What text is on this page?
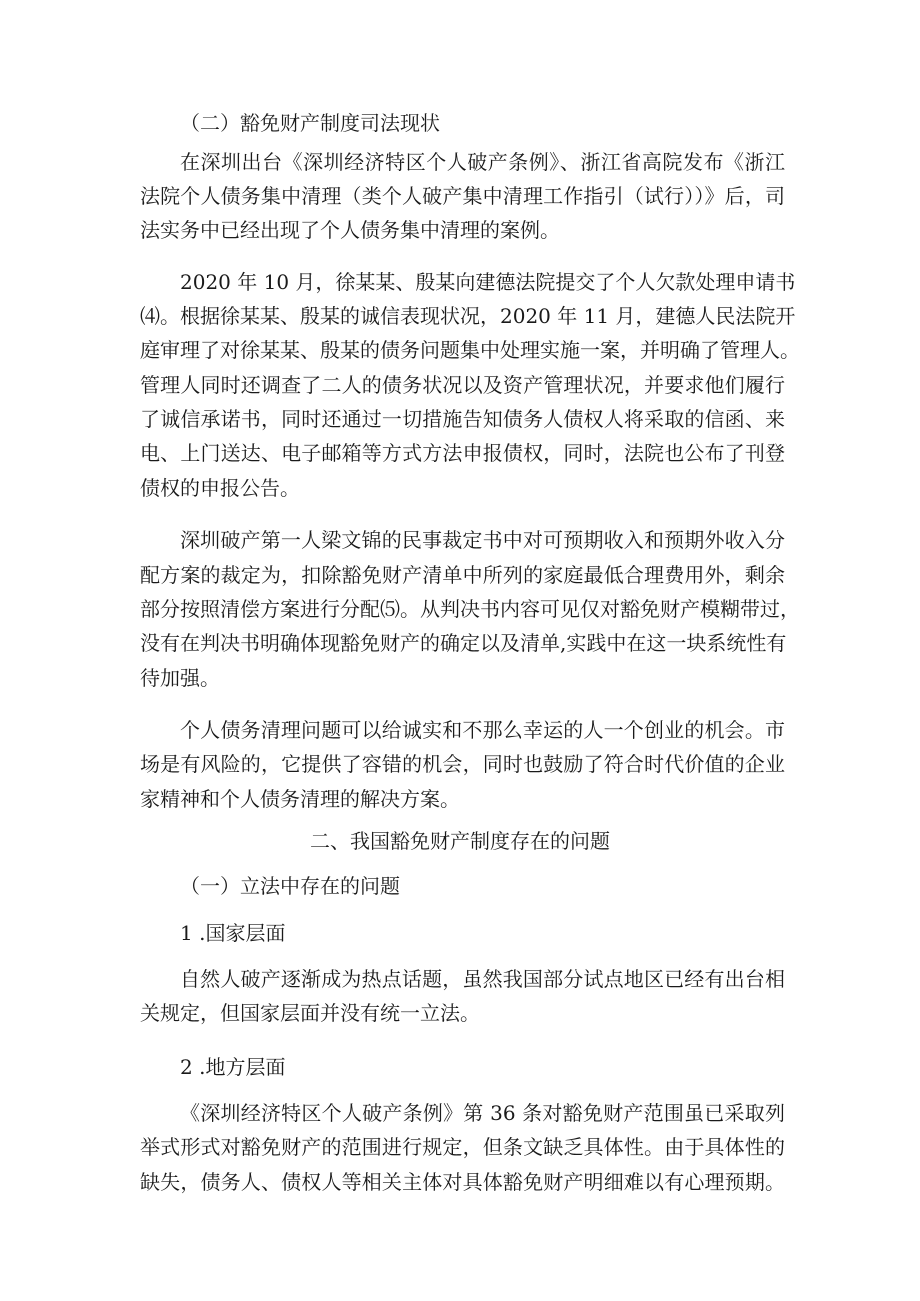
（二）豁免财产制度司法现状
在深圳出台《深圳经济特区个人破产条例》、浙江省高院发布《浙江
法院个人债务集中清理（类个人破产集中清理工作指引（试行））》后，司
法实务中已经出现了个人债务集中清理的案例。
2020 年 10 月，徐某某、殷某向建德法院提交了个人欠款处理申请书
⑷。根据徐某某、殷某的诚信表现状况，2020 年 11 月，建德人民法院开
庭审理了对徐某某、殷某的债务问题集中处理实施一案，并明确了管理人。
管理人同时还调查了二人的债务状况以及资产管理状况，并要求他们履行
了诚信承诺书，同时还通过一切措施告知债务人债权人将采取的信函、来
电、上门送达、电子邮箱等方式方法申报债权，同时，法院也公布了刊登
债权的申报公告。
深圳破产第一人梁文锦的民事裁定书中对可预期收入和预期外收入分
配方案的裁定为，扣除豁免财产清单中所列的家庭最低合理费用外，剩余
部分按照清偿方案进行分配⑸。从判决书内容可见仅对豁免财产模糊带过，
没有在判决书明确体现豁免财产的确定以及清单,实践中在这一块系统性有
待加强。
个人债务清理问题可以给诚实和不那么幸运的人一个创业的机会。市
场是有风险的，它提供了容错的机会，同时也鼓励了符合时代价值的企业
家精神和个人债务清理的解决方案。
二、我国豁免财产制度存在的问题
（一）立法中存在的问题
1 .国家层面
自然人破产逐渐成为热点话题，虽然我国部分试点地区已经有出台相
关规定，但国家层面并没有统一立法。
2 .地方层面
《深圳经济特区个人破产条例》第 36 条对豁免财产范围虽已采取列
举式形式对豁免财产的范围进行规定，但条文缺乏具体性。由于具体性的
缺失，债务人、债权人等相关主体对具体豁免财产明细难以有心理预期。
